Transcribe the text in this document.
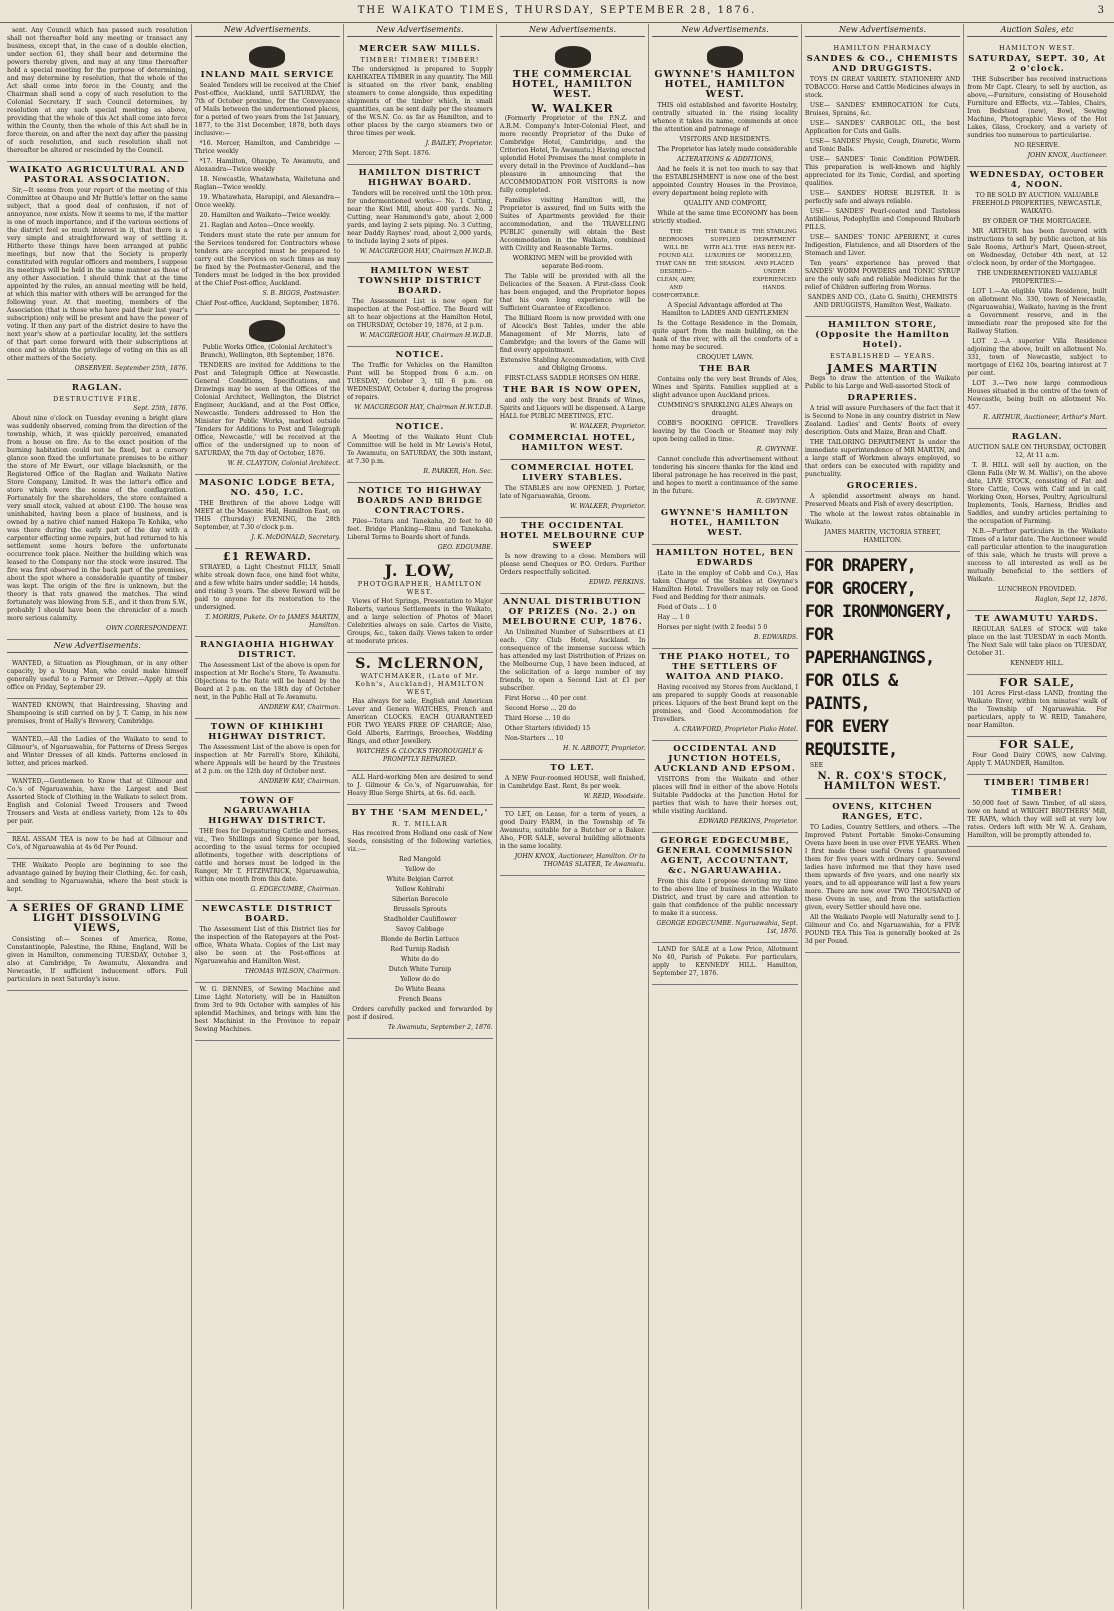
THE WAIKATO TIMES, THURSDAY, SEPTEMBER 28, 1876.	3

sent. Any Council which has passed such resolution shall not thereafter hold any meeting or transact any business, except that, in the case of a double election, under section 61, they shall hear and determine the powers thereby given, and may at any time thereafter hold a special meeting for the purpose of determining, and may determine by resolution, that the whole of the Act shall come into force in the County, and the Chairman shall send a copy of such resolution to the Colonial Secretary. If such Council determines, by resolution at any such special meeting as above, providing that the whole of this Act shall come into force within the County, then the whole of this Act shall be in force therein, on and after the next day after the passing of such resolution, and such resolution shall not thereafter be altered or rescinded by the Council.

WAIKATO AGRICULTURAL AND PASTORAL ASSOCIATION.

Sir,—It seems from your report of the meeting of this Committee at Ohaupo and Mr Buttle's letter on the same subject, that a good deal of confusion, if not of annoyance, now exists. Now it seems to me, if the matter is one of much importance, and if the various sections of the district feel so much interest in it, that there is a very simple and straightforward way of settling it. Hitherto these things have been arranged at public meetings, but now that the Society is properly constituted with regular officers and members, I suppose its meetings will be held in the same manner as those of any other Association. I should think that at the time appointed by the rules, an annual meeting will be held, at which this matter with others will be arranged for the following year. At that meeting, members of the Association (that is those who have paid their last year's subscription) only will be present and have the power of voting. If then any part of the district desire to have the next year's show at a particular locality, let the settlers of that part come forward with their subscriptions at once and so obtain the privilege of voting on this as all other matters of the Society.

OBSERVER. September 25th, 1876.

RAGLAN.
DESTRUCTIVE FIRE.

Sept. 25th, 1876.

About nine o'clock on Tuesday evening a bright glare was suddenly observed, coming from the direction of the township, which, it was quickly perceived, emanated from a house on fire. As to the exact position of the burning habitation could not be fixed, but a cursory glance soon fixed the unfortunate premises to be either the store of Mr Ewart, our village blacksmith, or the Registered Office of the Raglan and Waikato Native Store Company, Limited. It was the latter's office and store which were the scene of the conflagration. Fortunately for the shareholders, the store contained a very small stock, valued at about £100. The house was uninhabited, having been a place of business, and is owned by a native chief named Hakopa Te Kohika, who was there during the early part of the day with a carpenter effecting some repairs, but had returned to his settlement some hours before the unfortunate occurrence took place. Neither the building which was leased to the Company nor the stock were insured. The fire was first observed in the back part of the premises, about the spot where a considerable quantity of timber was kept. The origin of the fire is unknown, but the theory is that rats gnawed the matches. The wind fortunately was blowing from S.E., and it then from S.W., probably I should have been the chronicler of a much more serious calamity.

OWN CORRESPONDENT.

New Advertisements.

WANTED, a Situation as Ploughman, or in any other capacity, by a Young Man, who could make himself generally useful to a Farmer or Driver.—Apply at this office on Friday, September 29.

WANTED KNOWN, that Hairdressing, Shaving and Shampooing is still carried on by J. T. Camp, in his new premises, front of Hally's Brewery, Cambridge.

WANTED,—All the Ladies of the Waikato to send to Gilmour's, of Ngaruawahia, for Patterns of Dress Serges and Winter Dresses of all kinds. Patterns enclosed in letter, and prices marked.

WANTED,—Gentlemen to Know that at Gilmour and Co.'s of Ngaruawahia, have the Largest and Best Assorted Stock of Clothing in the Waikato to select from. English and Colonial Tweed Trousers and Tweed Trousers and Vests at endless variety, from 12s to 40s per pair.

REAL ASSAM TEA is now to be had at Gilmour and Co's, of Ngaruawahia at 4s 6d Per Pound.

THE Waikato People are beginning to see the advantage gained by buying their Clothing, &c. for cash, and sending to Ngaruawahia, where the best stock is kept.

A SERIES OF GRAND LIME LIGHT DISSOLVING VIEWS,

Consisting of:— Scenes of America, Rome, Constantinople, Palestine, the Rhine, England, Will be given in Hamilton, commencing TUESDAY, October 3, also at Cambridge, Te Awamutu, Alexandra and Newcastle, If sufficient inducement offers. Full particulars in next Saturday's issue.

New Advertisements.
INLAND MAIL SERVICE

Sealed Tenders will be received at the Chief Post-office, Auckland, until SATURDAY, the 7th of October proximo, for the Conveyance of Mails between the undermentioned places, for a period of two years from the 1st January, 1877, to the 31st December, 1878, both days inclusive:—

*16. Mercer, Hamilton, and Cambridge — Thrice weekly

*17. Hamilton, Ohaupo, Te Awamutu, and Alexandra—Twice weekly

18. Newcastle, Whatawhata, Waitetuna and Raglan—Twice weekly.

19. Whatawhata, Harapipi, and Alexandra—Once weekly.

20. Hamilton and Waikato—Twice weekly.

21. Raglan and Aotea—Once weekly.

Tenders must state the rate per annum for the Services tendered for. Contractors whose tenders are accepted must be prepared to carry out the Services on such times as may be fixed by the Postmaster-General, and the Tenders must be lodged in the box provided at the Chief Post-office, Auckland.

S. B. BIGGS, Postmaster.

Chief Post-office, Auckland, September, 1876.

Public Works Office, (Colonial Architect's Branch), Wellington, 8th September, 1876.

TENDERS are invited for Additions to the Post and Telegraph Office at Newcastle. General Conditions, Specifications, and Drawings may be seen at the Offices of the Colonial Architect, Wellington, the District Engineer, Auckland, and at the Post Office, Newcastle. Tenders addressed to Hon the Minister for Public Works, marked outside 'Tenders for Additions to Post and Telegraph Office, Newcastle,' will be received at the office of the undersigned up to noon of SATURDAY, the 7th day of October, 1876.

W. H. CLAYTON, Colonial Architect.

MASONIC LODGE BETA, NO. 450, I.C.

THE Brethren of the above Lodge will MEET at the Masonic Hall, Hamilton East, on THIS (Thursday) EVENING, the 28th September, at 7.30 o'clock p.m.

J. K. McDONALD, Secretary.

£1 REWARD.

STRAYED, a Light Chestnut FILLY, Small white streak down face, one hind foot white, and a few white hairs under saddle; 14 hands, and rising 3 years. The above Reward will be paid to anyone for its restoration to the undersigned.

T. MORRIS, Pukete. Or to JAMES MARTIN, Hamilton.

RANGIAOHIA HIGHWAY DISTRICT.

The Assessment List of the above is open for inspection at Mr Roche's Store, Te Awamutu. Objections to the Rate will be heard by the Board at 2 p.m. on the 18th day of October next, in the Public Hall at Te Awamutu.

ANDREW KAY, Chairman.

TOWN OF KIHIKIHI HIGHWAY DISTRICT.

The Assessment List of the above is open for inspection at Mr Farrell's Store, Kihikihi, where Appeals will be heard by the Trustees at 2 p.m. on the 12th day of October next.

ANDREW KAY, Chairman.

TOWN OF NGARUAWAHIA HIGHWAY DISTRICT.

THE fees for Depasturing Cattle and horses, viz., Two Shillings and Sixpence per head, according to the usual terms for occupied allotments, together with descriptions of cattle and horses must be lodged in the Ranger, Mr T. FITZPATRICK, Ngaruawahia, within one month from this date.

G. EDGECUMBE, Chairman.

NEWCASTLE DISTRICT BOARD.

The Assessment List of this District lies for the inspection of the Ratepayers at the Post-office, Whata Whata. Copies of the List may also be seen at the Post-offices at Ngaruawahia and Hamilton West.

THOMAS WILSON, Chairman.

W. G. DENNES, of Sewing Machine and Lime Light Notoriety, will be in Hamilton from 3rd to 9th October with samples of his splendid Machines, and brings with him the best Machinist in the Province to repair Sewing Machines.

New Advertisements.
MERCER SAW MILLS.
TIMBER! TIMBER! TIMBER!

The undersigned is prepared to Supply KAHIKATEA TIMBER in any quantity. The Mill is situated on the river bank, enabling steamers to come alongside, thus expediting shipments of the timber which, in small quantities, can be sent daily per the steamers of the W.S.N. Co. as far as Hamilton, and to other places by the cargo steamers two or three times per week.

J. BAILEY, Proprietor.

Mercer, 27th Sept. 1876.

HAMILTON DISTRICT HIGHWAY BOARD.

Tenders will be received until the 10th prox. for undermentioned works:— No. 1 Cutting, near the Kiwi Mill, about 400 yards. No. 2 Cutting, near Hammond's gate, about 2,000 yards, and laying 2 sets piping. No. 3 Cutting, near Daddy Raynes' road, about 2,000 yards, to include laying 2 sets of pipes.

W. MACGREGOR HAY, Chairman H.W.D.B.

HAMILTON WEST TOWNSHIP DISTRICT BOARD.

The Assessment List is now open for inspection at the Post-office. The Board will sit to hear objections at the Hamilton Hotel, on THURSDAY, October 19, 1876, at 2 p.m.

W. MACGREGOR HAY, Chairman H.W.D.B.

NOTICE.

The Traffic for Vehicles on the Hamilton Punt will be Stopped from 6 a.m. on TUESDAY, October 3, till 6 p.m. on WEDNESDAY, October 4, during the progress of repairs.

W. MACGREGOR HAY, Chairman H.W.T.D.B.

NOTICE.

A Meeting of the Waikato Hunt Club Committee will be held in Mr Lewis's Hotel, Te Awamutu, on SATURDAY, the 30th instant, at 7.30 p.m.

R. PARKER, Hon. Sec.

NOTICE TO HIGHWAY BOARDS AND BRIDGE CONTRACTORS.

Piles—Totara and Tanekaha, 20 feet to 40 feet. Bridge Planking—Rimu and Tanekaha. Liberal Terms to Boards short of funds.

GEO. EDGUMBE.

J. LOW,
PHOTOGRAPHER, HAMILTON WEST.

Views of Hot Springs, Presentation to Major Roberts, various Settlements in the Waikato, and a large selection of Photos of Maori Celebrities always on sale. Cartes de Visite, Groups, &c., taken daily. Views taken to order at moderate prices.

S. McLERNON,
WATCHMAKER, (Late of Mr. Kohn's, Auckland), HAMILTON WEST,

Has always for sale, English and American Lever and Genera WATCHES, French and American CLOCKS. EACH GUARANTEED FOR TWO YEARS FREE OF CHARGE; Also, Gold Alberts, Earrings, Brooches, Wedding Rings, and other Jewellery.

WATCHES & CLOCKS THOROUGHLY & PROMPTLY REPAIRED.

ALL Hard-working Men are desired to send to J. Gilmour & Co.'s, of Ngaruawahia, for Heavy Blue Serge Shirts, at 6s. 6d. each.

BY THE 'SAM MENDEL,'
R. T. MILLAR

Has received from Holland one cask of New Seeds, consisting of the following varieties, viz.:—

Red Mangold

Yellow do

White Belgian Carrot

Yellow Kohlrabi

Siberian Borecole

Brussels Sprouts

Stadholder Cauliflower

Savoy Cabbage

Blonde de Berlin Lettuce

Red Turnip Radish

White do do

Dutch White Turnip

Yellow do do

Do White Beans

French Beans

Orders carefully packed and forwarded by post if desired.

Te Awamutu, September 2, 1876.

New Advertisements.
THE COMMERCIAL HOTEL, HAMILTON WEST.
W. WALKER

(Formerly Proprietor of the P.N.Z. and A.R.M. Company's Inter-Colonial Fleet, and more recently Proprietor of the Duke of Cambridge Hotel, Cambridge, and the Criterion Hotel, Te Awamutu.) Having erected splendid Hotel Premises the most complete in every detail in the Province of Auckland—has pleasure in announcing that the ACCOMMODATION FOR VISITORS is now fully completed.

Families visiting Hamilton will, the Proprietor is assured, find on Suits with the Suites of Apartments provided for their accommodation, and the TRAVELLING PUBLIC generally will obtain the Best Accommodation in the Waikato, combined with Civility and Reasonable Terms.

WORKING MEN will be provided with separate Bed-room.

The Table will be provided with all the Delicacies of the Season. A First-class Cook has been engaged, and the Proprietor hopes that his own long experience will be Sufficient Guarantee of Excellence.

The Billiard Room is now provided with one of Alcock's Best Tables, under the able Management of Mr Morris, late of Cambridge; and the lovers of the Game will find every appointment.

Extensive Stabling Accommodation, with Civil and Obliging Grooms.

FIRST-CLASS SADDLE HORSES ON HIRE.

THE BAR IS NOW OPEN,

and only the very best Brands of Wines, Spirits and Liquors will be dispensed. A Large HALL for PUBLIC MEETINGS, ETC.

W. WALKER, Proprietor.

COMMERCIAL HOTEL, HAMILTON WEST.
COMMERCIAL HOTEL LIVERY STABLES.

The STABLES are now OPENED. J. Porter, late of Ngaruawahia, Groom.

W. WALKER, Proprietor.

THE OCCIDENTAL HOTEL MELBOURNE CUP SWEEP

Is now drawing to a close. Members will please send Cheques or P.O. Orders. Further Orders respectfully solicited.

EDWD. PERKINS.

ANNUAL DISTRIBUTION OF PRIZES (No. 2.) on MELBOURNE CUP, 1876.

An Unlimited Number of Subscribers at £1 each. City Club Hotel, Auckland. In consequence of the immense success which has attended my last Distribution of Prizes on the Melbourne Cup, I have been induced, at the solicitation of a large number of my friends, to open a Second List at £1 per subscriber.

First Horse ... 40 per cent

Second Horse ... 20 do

Third Horse ... 10 do

Other Starters (divided) 15

Non-Starters ... 10

H. N. ABBOTT, Proprietor.

TO LET.

A NEW Four-roomed HOUSE, well finished, in Cambridge East. Rent, 8s per week.

W. REID, Woodside.

TO LET, on Lease, for a term of years, a good Dairy FARM, in the Township of Te Awamutu, suitable for a Butcher or a Baker. Also, FOR SALE, several building allotments in the same locality.

JOHN KNOX, Auctioneer, Hamilton. Or to THOMAS SLATER, Te Awamutu.

New Advertisements.
GWYNNE'S HAMILTON HOTEL, HAMILTON WEST.

THIS old established and favorite Hostelry, centrally situated in the rising locality whence it takes its name, commends at once the attention and patronage of

VISITORS AND RESIDENTS.

The Proprietor has lately made considerable

ALTERATIONS & ADDITIONS,

And he feels it is not too much to say that the ESTABLISHMENT is now one of the best appointed Country Houses in the Province, every department being replete with

QUALITY AND COMFORT,

While at the same time ECONOMY has been strictly studied.

THE BEDROOMS WILL BE FOUND ALL THAT CAN BE DESIRED—CLEAN, AIRY, AND COMFORTABLE.

THE TABLE IS SUPPLIED WITH ALL THE LUXURIES OF THE SEASON.

THE STABLING DEPARTMENT HAS BEEN RE-MODELLED, AND PLACED UNDER EXPERIENCED HANDS.

A Special Advantage afforded at The Hamilton to LADIES AND GENTLEMEN

Is the Cottage Residence in the Domain, quite apart from the main building, on the bank of the river, with all the comforts of a home may be secured.

CROQUET LAWN.

THE BAR

Contains only the very best Brands of Ales, Wines and Spirits. Families supplied at a slight advance upon Auckland prices.

CUMMING'S SPARKLING ALES Always on draught.

COBB'S BOOKING OFFICE. Travellers leaving by the Coach or Steamer may rely upon being called in time.

R. GWYNNE.

Cannot conclude this advertisement without tendering his sincere thanks for the kind and liberal patronage he has received in the past, and hopes to merit a continuance of the same in the future.

R. GWYNNE.

GWYNNE'S HAMILTON HOTEL, HAMILTON WEST.
HAMILTON HOTEL, BEN EDWARDS

(Late in the employ of Cobb and Co.), Has taken Charge of the Stables at Gwynne's Hamilton Hotel. Travellers may rely on Good Feed and Bedding for their animals.

Feed of Oats ... 1 0

Hay ... 1 0

Horses per night (with 2 feeds) 5 0

B. EDWARDS.

THE PIAKO HOTEL, TO THE SETTLERS OF WAITOA AND PIAKO.

Having received my Stores from Auckland, I am prepared to supply Goods at reasonable prices. Liquors of the best Brand kept on the premises, and Good Accommodation for Travellers.

A. CRAWFORD, Proprietor Piako Hotel.

OCCIDENTAL AND JUNCTION HOTELS, AUCKLAND AND EPSOM.

VISITORS from the Waikato and other places will find in either of the above Hotels Suitable Paddocks at the Junction Hotel for parties that wish to have their horses out, while visiting Auckland.

EDWARD PERKINS, Proprietor.

GEORGE EDGECUMBE, GENERAL COMMISSION AGENT, ACCOUNTANT, &c. NGARUAWAHIA.

From this date I propose devoting my time to the above line of business in the Waikato District, and trust by care and attention to gain that confidence of the public necessary to make it a success.

GEORGE EDGECUMBE. Ngaruawahia, Sept. 1st, 1876.

LAND for SALE at a Low Price, Allotment No 40, Parish of Pukete. For particulars, apply to KENNEDY HILL. Hamilton, September 27, 1876.

New Advertisements.
HAMILTON PHARMACY
SANDES & CO., CHEMISTS AND DRUGGISTS.

TOYS IN GREAT VARIETY. STATIONERY AND TOBACCO. Horse and Cattle Medicines always in stock.

USE— SANDES' EMBROCATION for Cuts, Bruises, Sprains, &c.

USE— SANDES' CARBOLIC OIL, the best Application for Cuts and Galls.

USE— SANDES' Physic, Cough, Diuretic, Worm and Tonic Balls.

USE— SANDES' Tonic Condition POWDER. This preparation is well-known and highly appreciated for its Tonic, Cordial, and sporting qualities.

USE— SANDES' HORSE BLISTER. It is perfectly safe and always reliable.

USE— SANDES' Pearl-coated and Tasteless Antibilious, Podophyllin and Compound Rhubarb PILLS.

USE— SANDES' TONIC APERIENT, it cures Indigestion, Flatulence, and all Disorders of the Stomach and Liver.

Ten years' experience has proved that SANDES' WORM POWDERS and TONIC SYRUP are the only safe and reliable Medicines for the relief of Children suffering from Worms.

SANDES AND CO., (Late G. Smith), CHEMISTS AND DRUGGISTS, Hamilton West, Waikato.

HAMILTON STORE, (Opposite the Hamilton Hotel).
ESTABLISHED — YEARS.
JAMES MARTIN

Begs to draw the attention of the Waikato Public to his Large and Well-assorted Stock of

DRAPERIES.

A trial will assure Purchasers of the fact that it is Second to None in any country district in New Zealand. Ladies' and Gents' Boots of every description. Oats and Maize, Bran and Chaff.

THE TAILORING DEPARTMENT Is under the immediate superintendence of MR MARTIN, and a large staff of Workmen always employed, so that orders can be executed with rapidity and punctuality.

GROCERIES.

A splendid assortment always on hand. Preserved Meats and Fish of every description.

The whole at the lowest rates obtainable in Waikato.

JAMES MARTIN, VICTORIA STREET, HAMILTON.

FOR DRAPERY,
FOR GROCERY,
FOR IRONMONGERY,
FOR PAPERHANGINGS,
FOR OILS & PAINTS,
FOR EVERY REQUISITE,

SEE

N. R. COX'S STOCK, HAMILTON WEST.
OVENS, KITCHEN RANGES, ETC.

TO Ladies, Country Settlers, and others. —The Improved Patent Portable Smoke-Consuming Ovens have been in use over FIVE YEARS. When I first made these useful Ovens I guaranteed them for five years with ordinary care. Several ladies have informed me that they have used them upwards of five years, and one nearly six years, and to all appearance will last a few years more. There are now over TWO THOUSAND of these Ovens in use, and from the satisfaction given, every Settler should have one.

All the Waikato People will Naturally send to J. Gilmour and Co. and Ngaruawahia, for a FIVE POUND TEA This Tea is generally booked at 2s 3d per Pound.

Auction Sales, etc
HAMILTON WEST.
SATURDAY, SEPT. 30, At 2 o'clock.

THE Subscriber has received instructions from Mr Capt. Cleary, to sell by auction, as above,—Furniture, consisting of Household Furniture and Effects, viz.—Tables, Chairs, Iron Bedstead (new), Bowl, Sewing Machine, Photographic Views of the Hot Lakes, Glass, Crockery, and a variety of sundries too numerous to particularise.

NO RESERVE.

JOHN KNOX, Auctioneer.

WEDNESDAY, OCTOBER 4, NOON.

TO BE SOLD BY AUCTION. VALUABLE FREEHOLD PROPERTIES, NEWCASTLE, WAIKATO.

BY ORDER OF THE MORTGAGEE.

MR ARTHUR has been favoured with instructions to sell by public auction, at his Sale Rooms, Arthur's Mart, Queen-street, on Wednesday, October 4th next, at 12 o'clock noon, by order of the Mortgagee.

THE UNDERMENTIONED VALUABLE PROPERTIES:—

LOT 1.—An eligible Villa Residence, built on allotment No. 330, town of Newcastle, (Ngaruawahia), Waikato, having in the front a Government reserve, and in the immediate rear the proposed site for the Railway Station.

LOT 2.—A superior Villa Residence adjoining the above, built on allotment No. 331, town of Newcastle, subject to mortgage of £162 10s, bearing interest at 7 per cent.

LOT 3.—Two new large commodious Houses situated in the centre of the town of Newcastle, being built on allotment No. 457.

R. ARTHUR, Auctioneer, Arthur's Mart.

RAGLAN.

AUCTION SALE ON THURSDAY, OCTOBER 12, At 11 a.m.

T. B. HILL will sell by auction, on the Glenn Falls (Mr W. M. Wallis'), on the above date, LIVE STOCK, consisting of Fat and Store Cattle, Cows with Calf and in calf, Working Oxen, Horses, Poultry, Agricultural Implements, Tools, Harness, Bridles and Saddles, and sundry articles pertaining to the occupation of Farming.

N.B.—Further particulars in the Waikato Times of a later date. The Auctioneer would call particular attention to the inauguration of this sale, which he trusts will prove a success to all interested as well as be mutually beneficial to the settlers of Waikato.

LUNCHEON PROVIDED.

Raglan, Sept 12, 1876.

TE AWAMUTU YARDS.

REGULAR SALES of STOCK will take place on the last TUESDAY in each Month. The Next Sale will take place on TUESDAY, October 31.

KENNEDY HILL.

FOR SALE,

101 Acres First-class LAND, fronting the Waikato River, within ten minutes' walk of the Township of Ngaruawahia. For particulars, apply to W. REID, Tamahere, near Hamilton.

FOR SALE,

Four Good Dairy COWS, now Calving. Apply T. MAUNDER, Hamilton.

TIMBER! TIMBER! TIMBER!

50,000 feet of Sawn Timber, of all sizes, now on hand at WRIGHT BROTHERS' Mill, TE RAPA, which they will sell at very low rates. Orders left with Mr W. A. Graham, Hamilton, will be promptly attended to.
